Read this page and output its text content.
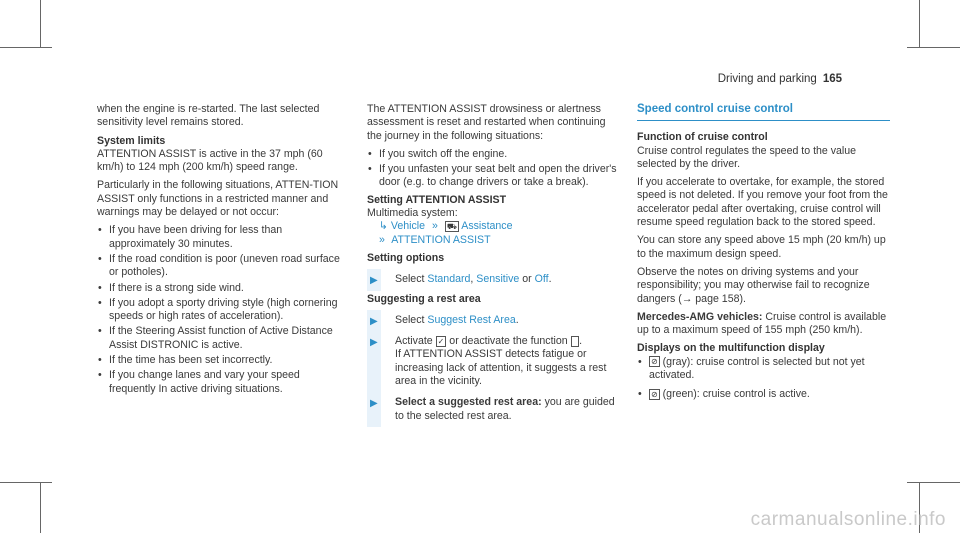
Driving and parking 165

when the engine is re-started. The last selected sensitivity level remains stored.

System limits

ATTENTION ASSIST is active in the 37 mph (60 km/h) to 124 mph (200 km/h) speed range.

Particularly in the following situations, ATTEN-TION ASSIST only functions in a restricted manner and warnings may be delayed or not occur:

• If you have been driving for less than approximately 30 minutes.
• If the road condition is poor (uneven road surface or potholes).
• If there is a strong side wind.
• If you adopt a sporty driving style (high cornering speeds or high rates of acceleration).
• If the Steering Assist function of Active Distance Assist DISTRONIC is active.
• If the time has been set incorrectly.
• If you change lanes and vary your speed frequently In active driving situations.

The ATTENTION ASSIST drowsiness or alertness assessment is reset and restarted when continuing the journey in the following situations:

• If you switch off the engine.
• If you unfasten your seat belt and open the driver's door (e.g. to change drivers or take a break).
Setting ATTENTION ASSIST
Multimedia system:
↳ Vehicle » ⛟ Assistance
» ATTENTION ASSIST
Setting options
▶ Select Standard, Sensitive or Off.
Suggesting a rest area
▶ Select Suggest Rest Area.
▶ Activate ✓ or deactivate the function .
If ATTENTION ASSIST detects fatigue or increasing lack of attention, it suggests a rest area in the vicinity.
▶ Select a suggested rest area: you are guided to the selected rest area.
Speed control cruise control
Function of cruise control

Cruise control regulates the speed to the value selected by the driver.

If you accelerate to overtake, for example, the stored speed is not deleted. If you remove your foot from the accelerator pedal after overtaking, cruise control will resume speed regulation back to the stored speed.

You can store any speed above 15 mph (20 km/h) up to the maximum design speed.

Observe the notes on driving systems and your responsibility; you may otherwise fail to recognize dangers (→ page 158).

Mercedes-AMG vehicles: Cruise control is available up to a maximum speed of 155 mph (250 km/h).

Displays on the multifunction display
• ⊘ (gray): cruise control is selected but not yet activated.
• ⊘ (green): cruise control is active.
carmanualsonline.info
